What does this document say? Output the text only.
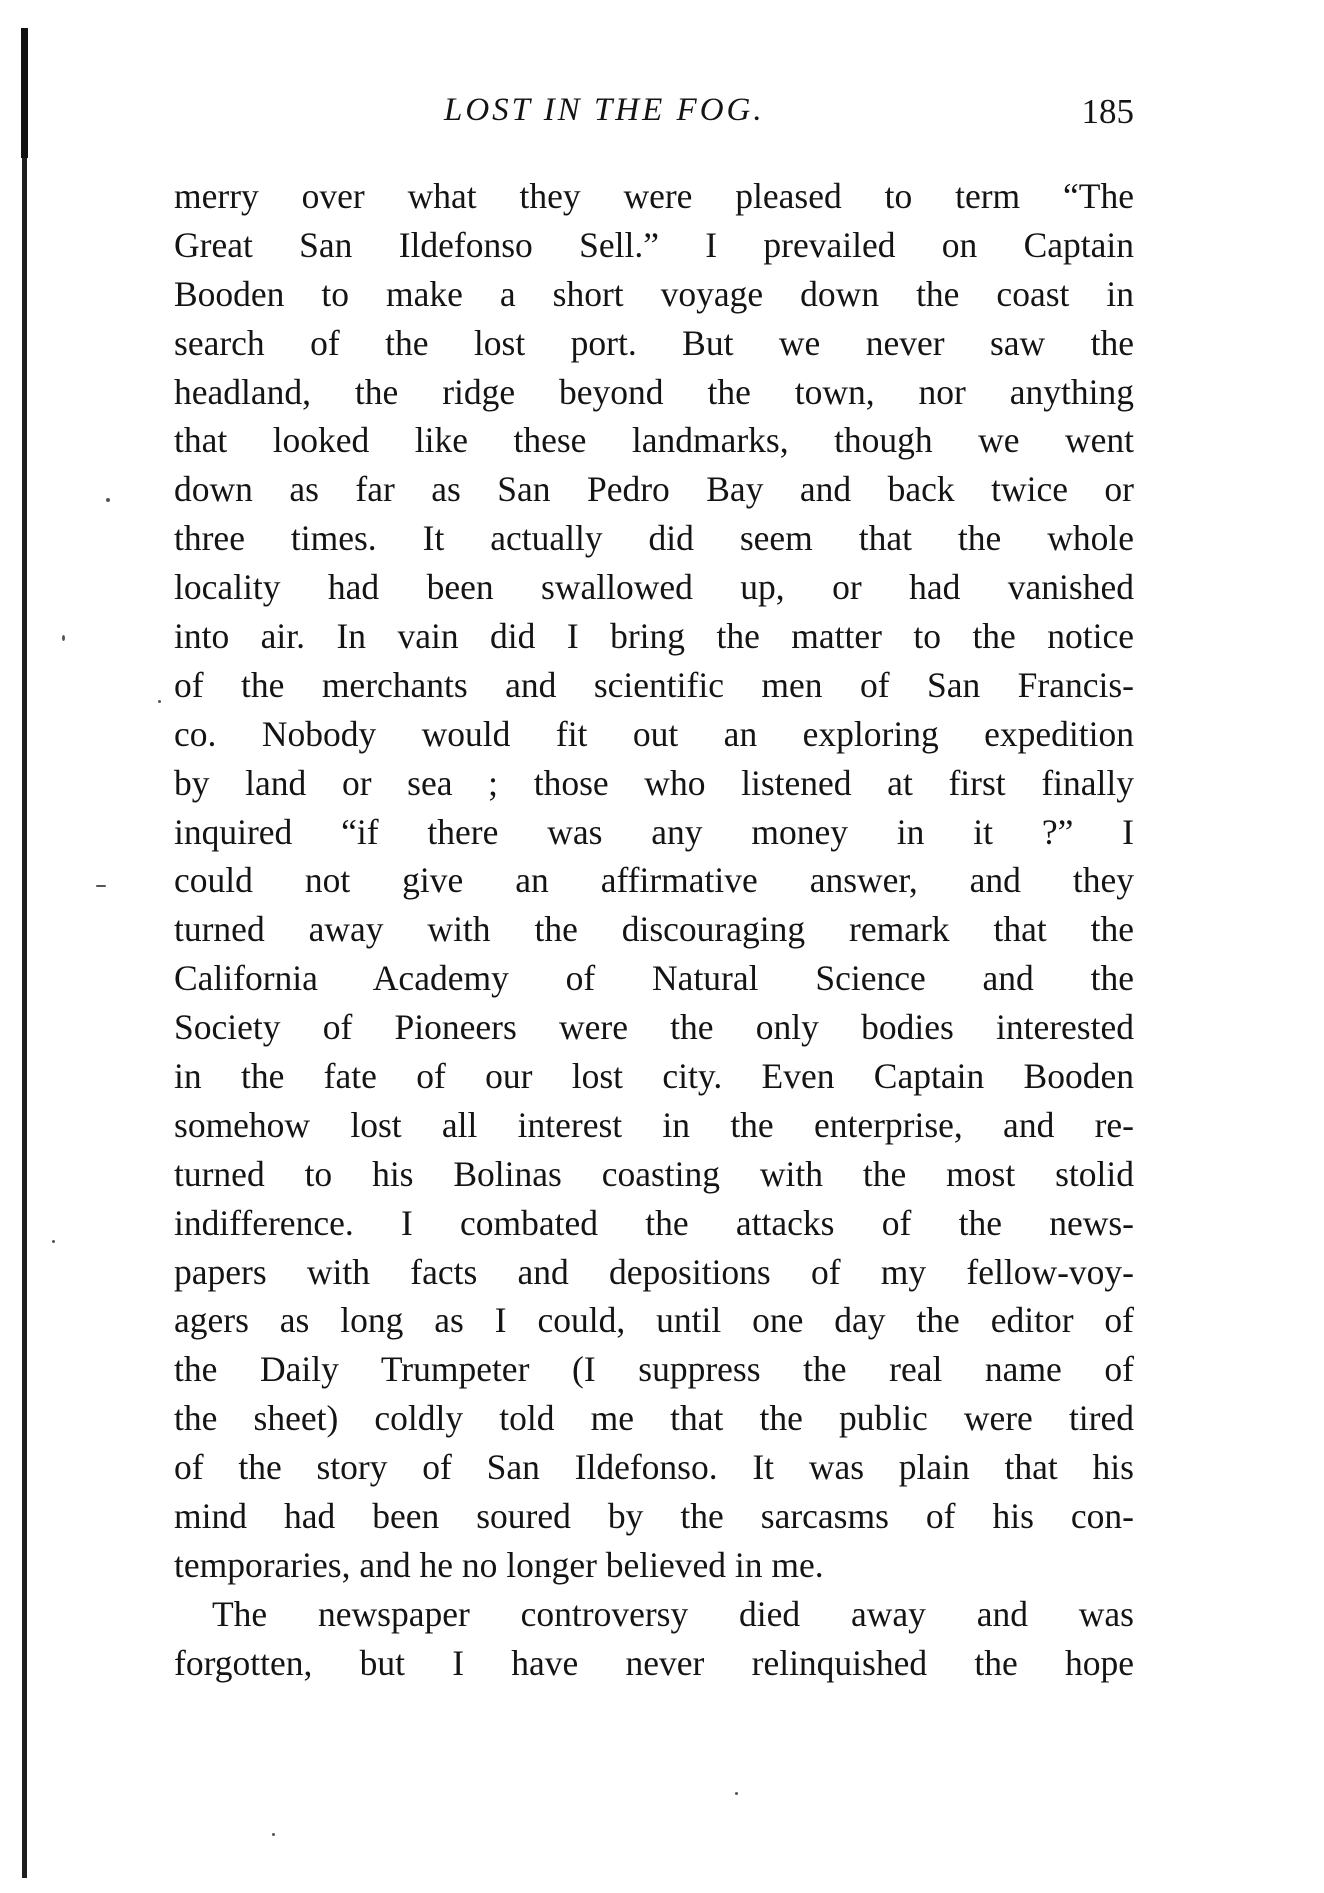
LOST IN THE FOG.	185
merry over what they were pleased to term “The
Great San Ildefonso Sell.” I prevailed on Captain
Booden to make a short voyage down the coast in
search of the lost port. But we never saw the
headland, the ridge beyond the town, nor anything
that looked like these landmarks, though we went
down as far as San Pedro Bay and back twice or
three times. It actually did seem that the whole
locality had been swallowed up, or had vanished
into air. In vain did I bring the matter to the notice
of the merchants and scientific men of San Francis-
co. Nobody would fit out an exploring expedition
by land or sea ; those who listened at first finally
inquired “if there was any money in it ?” I
could not give an affirmative answer, and they
turned away with the discouraging remark that the
California Academy of Natural Science and the
Society of Pioneers were the only bodies interested
in the fate of our lost city. Even Captain Booden
somehow lost all interest in the enterprise, and re-
turned to his Bolinas coasting with the most stolid
indifference. I combated the attacks of the news-
papers with facts and depositions of my fellow-voy-
agers as long as I could, until one day the editor of
the Daily Trumpeter (I suppress the real name of
the sheet) coldly told me that the public were tired
of the story of San Ildefonso. It was plain that his
mind had been soured by the sarcasms of his con-
temporaries, and he no longer believed in me.
The newspaper controversy died away and was
forgotten, but I have never relinquished the hope
